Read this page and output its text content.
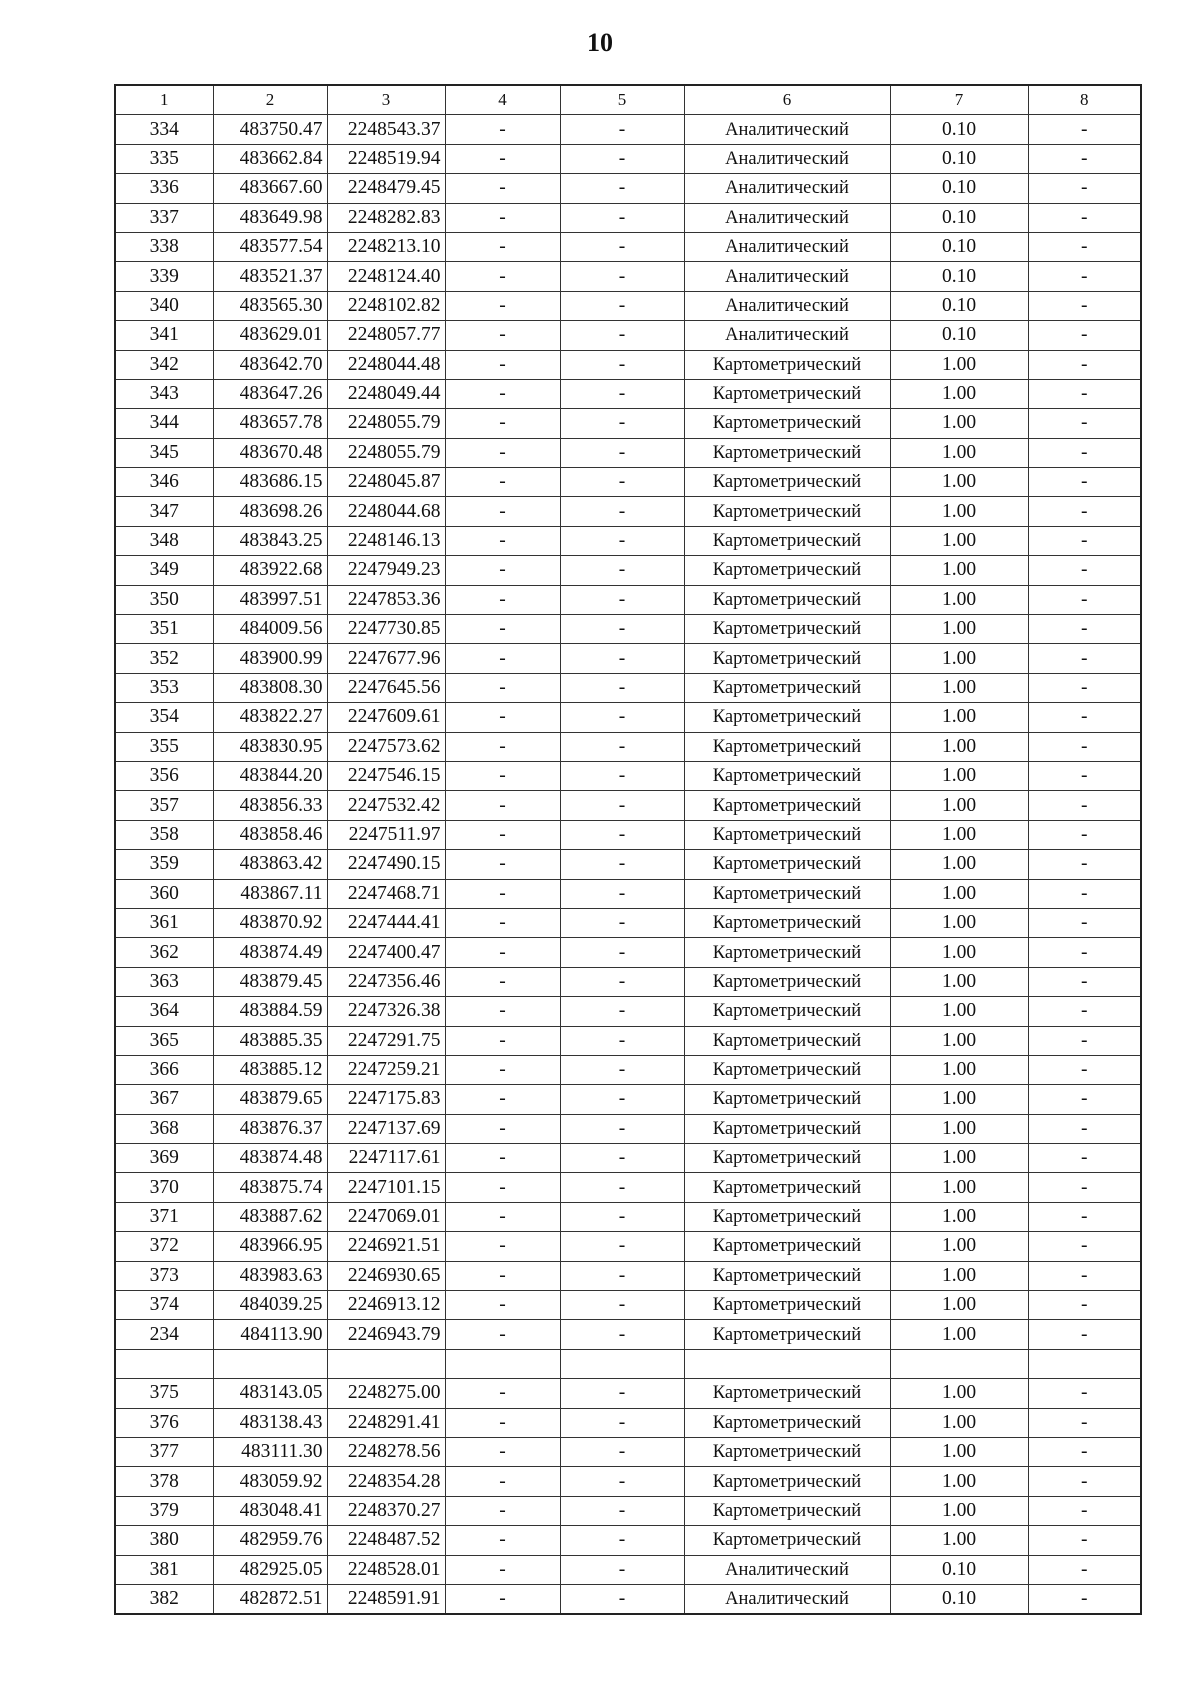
10
1	2	3	4	5	6	7	8
334	483750.47	2248543.37	-	-	Аналитический	0.10	-
335	483662.84	2248519.94	-	-	Аналитический	0.10	-
336	483667.60	2248479.45	-	-	Аналитический	0.10	-
337	483649.98	2248282.83	-	-	Аналитический	0.10	-
338	483577.54	2248213.10	-	-	Аналитический	0.10	-
339	483521.37	2248124.40	-	-	Аналитический	0.10	-
340	483565.30	2248102.82	-	-	Аналитический	0.10	-
341	483629.01	2248057.77	-	-	Аналитический	0.10	-
342	483642.70	2248044.48	-	-	Картометрический	1.00	-
343	483647.26	2248049.44	-	-	Картометрический	1.00	-
344	483657.78	2248055.79	-	-	Картометрический	1.00	-
345	483670.48	2248055.79	-	-	Картометрический	1.00	-
346	483686.15	2248045.87	-	-	Картометрический	1.00	-
347	483698.26	2248044.68	-	-	Картометрический	1.00	-
348	483843.25	2248146.13	-	-	Картометрический	1.00	-
349	483922.68	2247949.23	-	-	Картометрический	1.00	-
350	483997.51	2247853.36	-	-	Картометрический	1.00	-
351	484009.56	2247730.85	-	-	Картометрический	1.00	-
352	483900.99	2247677.96	-	-	Картометрический	1.00	-
353	483808.30	2247645.56	-	-	Картометрический	1.00	-
354	483822.27	2247609.61	-	-	Картометрический	1.00	-
355	483830.95	2247573.62	-	-	Картометрический	1.00	-
356	483844.20	2247546.15	-	-	Картометрический	1.00	-
357	483856.33	2247532.42	-	-	Картометрический	1.00	-
358	483858.46	2247511.97	-	-	Картометрический	1.00	-
359	483863.42	2247490.15	-	-	Картометрический	1.00	-
360	483867.11	2247468.71	-	-	Картометрический	1.00	-
361	483870.92	2247444.41	-	-	Картометрический	1.00	-
362	483874.49	2247400.47	-	-	Картометрический	1.00	-
363	483879.45	2247356.46	-	-	Картометрический	1.00	-
364	483884.59	2247326.38	-	-	Картометрический	1.00	-
365	483885.35	2247291.75	-	-	Картометрический	1.00	-
366	483885.12	2247259.21	-	-	Картометрический	1.00	-
367	483879.65	2247175.83	-	-	Картометрический	1.00	-
368	483876.37	2247137.69	-	-	Картометрический	1.00	-
369	483874.48	2247117.61	-	-	Картометрический	1.00	-
370	483875.74	2247101.15	-	-	Картометрический	1.00	-
371	483887.62	2247069.01	-	-	Картометрический	1.00	-
372	483966.95	2246921.51	-	-	Картометрический	1.00	-
373	483983.63	2246930.65	-	-	Картометрический	1.00	-
374	484039.25	2246913.12	-	-	Картометрический	1.00	-
234	484113.90	2246943.79	-	-	Картометрический	1.00	-

375	483143.05	2248275.00	-	-	Картометрический	1.00	-
376	483138.43	2248291.41	-	-	Картометрический	1.00	-
377	483111.30	2248278.56	-	-	Картометрический	1.00	-
378	483059.92	2248354.28	-	-	Картометрический	1.00	-
379	483048.41	2248370.27	-	-	Картометрический	1.00	-
380	482959.76	2248487.52	-	-	Картометрический	1.00	-
381	482925.05	2248528.01	-	-	Аналитический	0.10	-
382	482872.51	2248591.91	-	-	Аналитический	0.10	-
